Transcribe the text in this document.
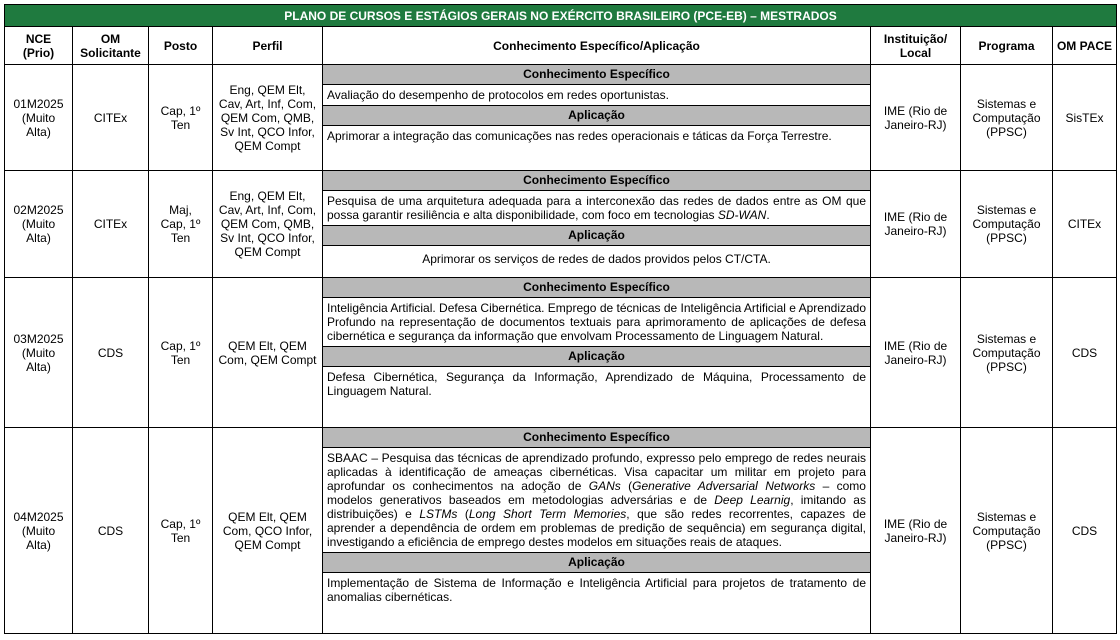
PLANO DE CURSOS E ESTÁGIOS GERAIS NO EXÉRCITO BRASILEIRO (PCE-EB) – MESTRADOS							
NCE (Prio)	OM Solicitante	Posto	Perfil	Conhecimento Específico/Aplicação	Instituição/ Local	Programa	OM PACE
01M2025 (Muito Alta)	CITEx	Cap, 1º Ten	Eng, QEM Elt, Cav, Art, Inf, Com, QEM Com, QMB, Sv Int, QCO Infor, QEM Compt	Conhecimento Específico
Avaliação do desempenho de protocolos em redes oportunistas.
Aplicação
Aprimorar a integração das comunicações nas redes operacionais e táticas da Força Terrestre.	IME (Rio de Janeiro-RJ)	Sistemas e Computação (PPSC)	SisTEx
02M2025 (Muito Alta)	CITEx	Maj, Cap, 1º Ten	Eng, QEM Elt, Cav, Art, Inf, Com, QEM Com, QMB, Sv Int, QCO Infor, QEM Compt	Conhecimento Específico
Pesquisa de uma arquitetura adequada para a interconexão das redes de dados entre as OM que possa garantir resiliência e alta disponibilidade, com foco em tecnologias SD-WAN.
Aplicação
Aprimorar os serviços de redes de dados providos pelos CT/CTA.	IME (Rio de Janeiro-RJ)	Sistemas e Computação (PPSC)	CITEx
03M2025 (Muito Alta)	CDS	Cap, 1º Ten	QEM Elt, QEM Com, QEM Compt	Conhecimento Específico
Inteligência Artificial. Defesa Cibernética. Emprego de técnicas de Inteligência Artificial e Aprendizado Profundo na representação de documentos textuais para aprimoramento de aplicações de defesa cibernética e segurança da informação que envolvam Processamento de Linguagem Natural.
Aplicação
Defesa Cibernética, Segurança da Informação, Aprendizado de Máquina, Processamento de Linguagem Natural.	IME (Rio de Janeiro-RJ)	Sistemas e Computação (PPSC)	CDS
04M2025 (Muito Alta)	CDS	Cap, 1º Ten	QEM Elt, QEM Com, QCO Infor, QEM Compt	Conhecimento Específico
SBAAC – Pesquisa das técnicas de aprendizado profundo, expresso pelo emprego de redes neurais aplicadas à identificação de ameaças cibernéticas. Visa capacitar um militar em projeto para aprofundar os conhecimentos na adoção de GANs (Generative Adversarial Networks – como modelos generativos baseados em metodologias adversárias e de Deep Learnig, imitando as distribuições) e LSTMs (Long Short Term Memories, que são redes recorrentes, capazes de aprender a dependência de ordem em problemas de predição de sequência) em segurança digital, investigando a eficiência de emprego destes modelos em situações reais de ataques.
Aplicação
Implementação de Sistema de Informação e Inteligência Artificial para projetos de tratamento de anomalias cibernéticas.	IME (Rio de Janeiro-RJ)	Sistemas e Computação (PPSC)	CDS
